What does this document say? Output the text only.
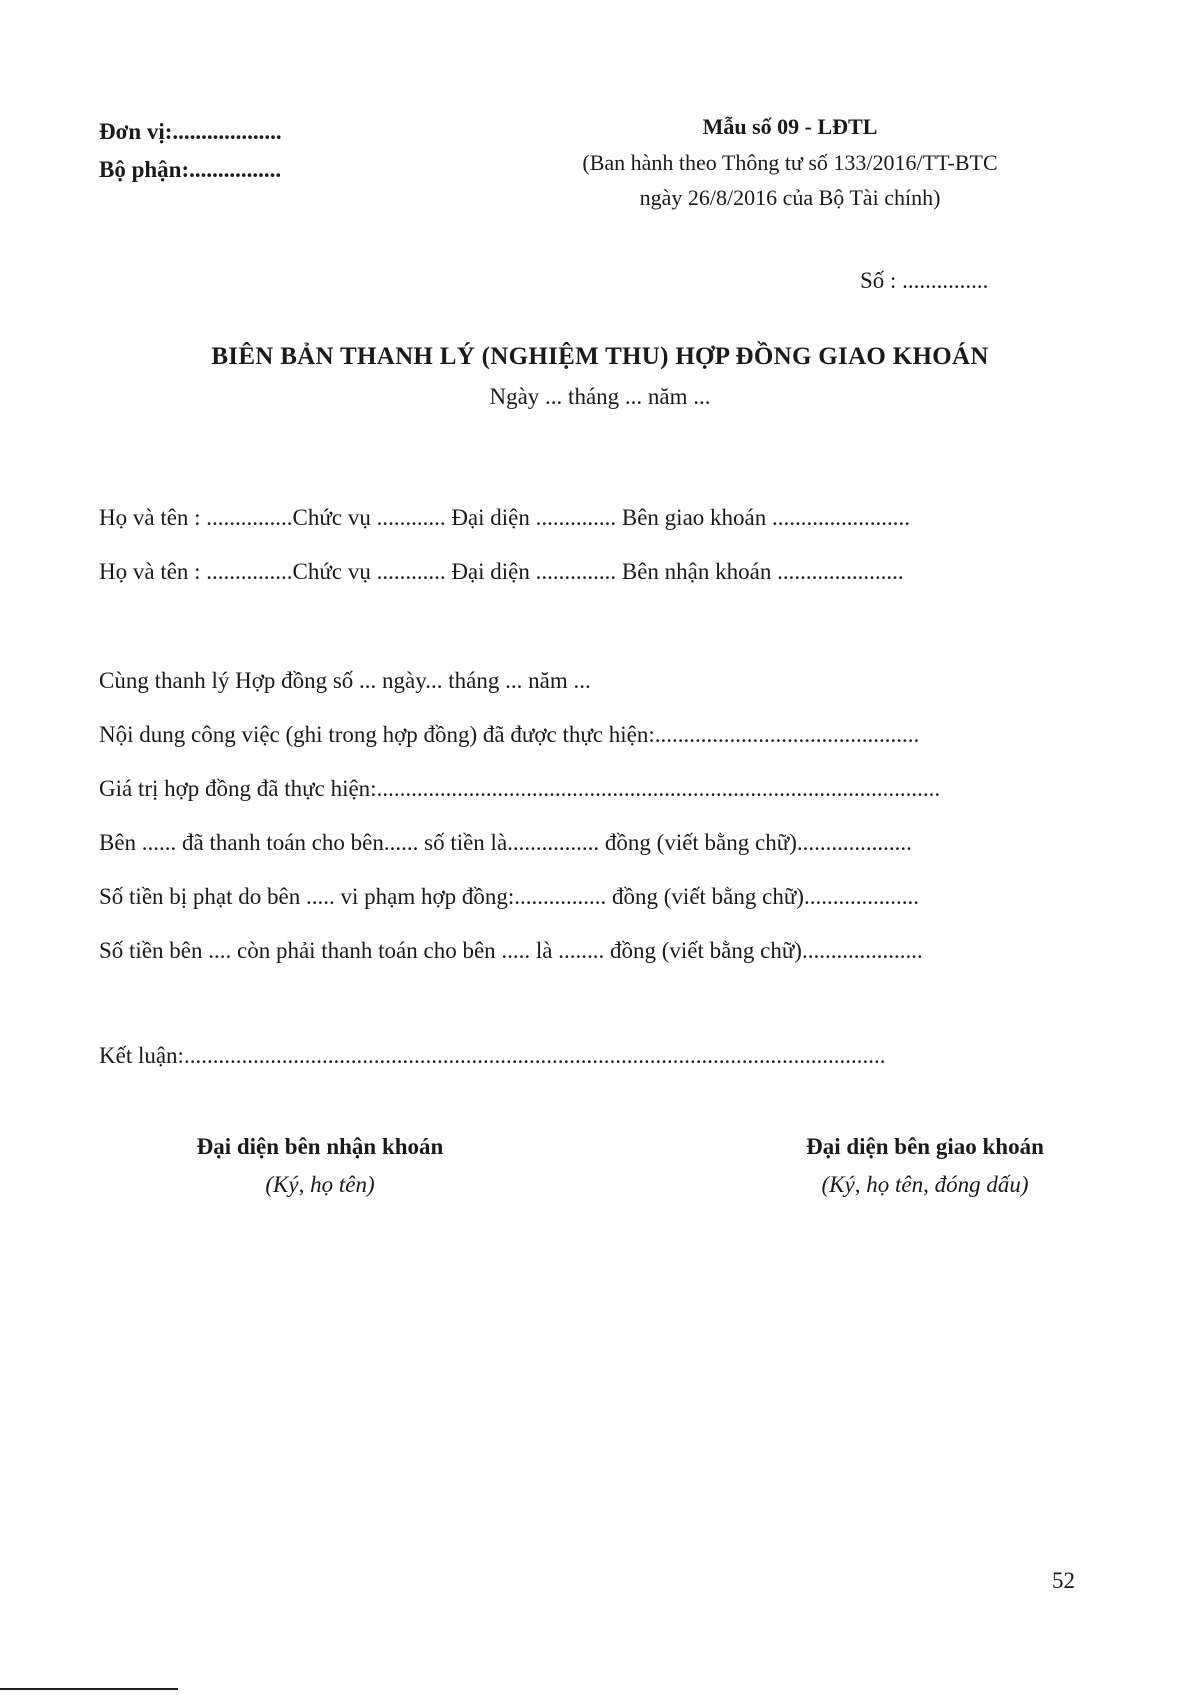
Đơn vị:...................
Bộ phận:................
Mẫu số 09 - LĐTL
(Ban hành theo Thông tư số 133/2016/TT-BTC
ngày 26/8/2016 của Bộ Tài chính)
Số : ...............
BIÊN BẢN THANH LÝ (NGHIỆM THU) HỢP ĐỒNG GIAO KHOÁN
Ngày ... tháng ... năm ...
Họ và tên : ...............Chức vụ ............ Đại diện .............. Bên giao khoán ........................
Họ và tên : ...............Chức vụ ............ Đại diện .............. Bên nhận khoán ......................
Cùng thanh lý Hợp đồng số ... ngày... tháng ... năm ...
Nội dung công việc (ghi trong hợp đồng) đã được thực hiện:..............................................
Giá trị hợp đồng đã thực hiện:..................................................................................................
Bên ...... đã thanh toán cho bên...... số tiền là................ đồng (viết bằng chữ)....................
Số tiền bị phạt do bên ..... vi phạm hợp đồng:................ đồng (viết bằng chữ)....................
Số tiền bên .... còn phải thanh toán cho bên ..... là ........ đồng (viết bằng chữ).....................
Kết luận:..........................................................................................................................
Đại diện bên nhận khoán
(Ký, họ tên)
Đại diện bên giao khoán
(Ký, họ tên, đóng dấu)
52
